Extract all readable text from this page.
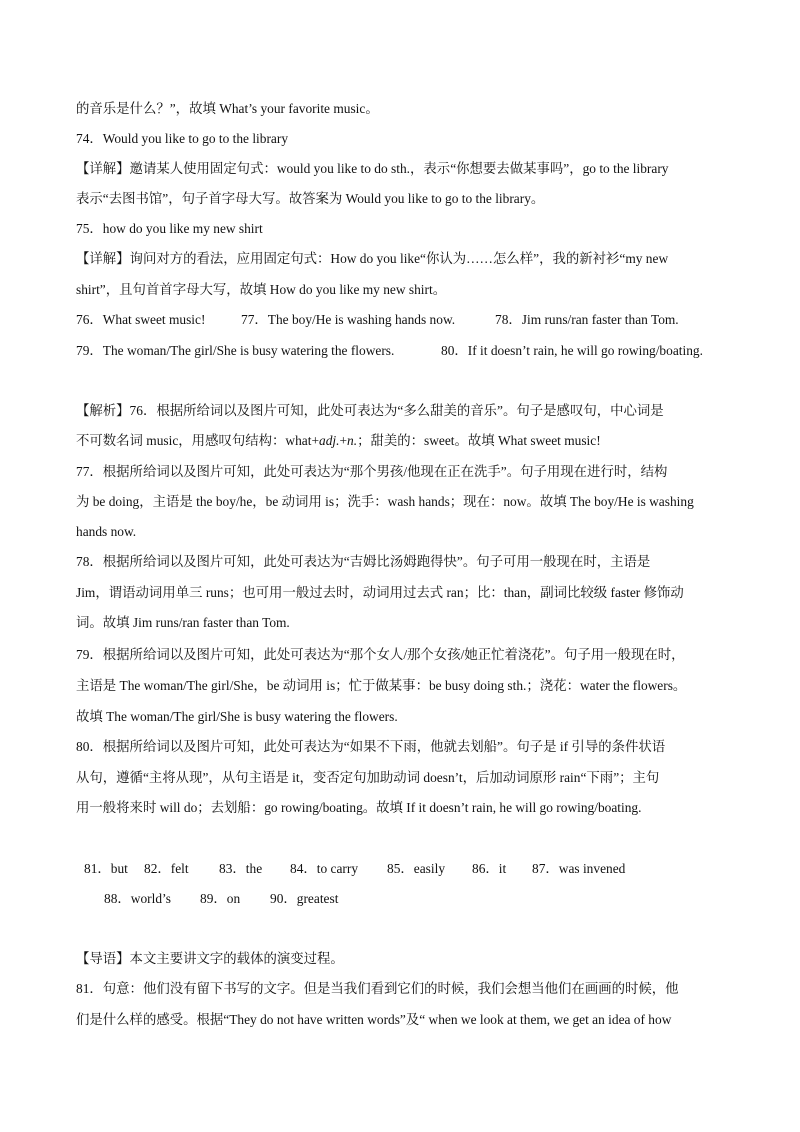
的音乐是什么？”，故填 What’s your favorite music。
74．Would you like to go to the library
【详解】邀请某人使用固定句式：would you like to do sth.，表示“你想要去做某事吗”，go to the library
表示“去图书馆”，句子首字母大写。故答案为 Would you like to go to the library。
75．how do you like my new shirt
【详解】询问对方的看法，应用固定句式：How do you like“你认为……怎么样”，我的新衬衫“my new
shirt”，且句首首字母大写，故填 How do you like my new shirt。
76．What sweet music!	77．The boy/He is washing hands now.	78．Jim runs/ran faster than Tom.
79．The woman/The girl/She is busy watering the flowers.	80．If it doesn’t rain, he will go rowing/boating.
【解析】76．根据所给词以及图片可知，此处可表达为“多么甜美的音乐”。句子是感叹句，中心词是
不可数名词 music，用感叹句结构：what+adj.+n.；甜美的：sweet。故填 What sweet music!
77．根据所给词以及图片可知，此处可表达为“那个男孩/他现在正在洗手”。句子用现在进行时，结构
为 be doing，主语是 the boy/he，be 动词用 is；洗手：wash hands；现在：now。故填 The boy/He is washing
hands now.
78．根据所给词以及图片可知，此处可表达为“吉姆比汤姆跑得快”。句子可用一般现在时，主语是
Jim，谓语动词用单三 runs；也可用一般过去时，动词用过去式 ran；比：than，副词比较级 faster 修饰动
词。故填 Jim runs/ran faster than Tom.
79．根据所给词以及图片可知，此处可表达为“那个女人/那个女孩/她正忙着浇花”。句子用一般现在时，
主语是 The woman/The girl/She，be 动词用 is；忙于做某事：be busy doing sth.；浇花：water the flowers。
故填 The woman/The girl/She is busy watering the flowers.
80．根据所给词以及图片可知，此处可表达为“如果不下雨，他就去划船”。句子是 if 引导的条件状语
从句，遵循“主将从现”，从句主语是 it，变否定句加助动词 doesn’t，后加动词原形 rain“下雨”；主句
用一般将来时 will do；去划船：go rowing/boating。故填 If it doesn’t rain, he will go rowing/boating.
81．but 82．felt 83．the 84．to carry 85．easily 86．it 87．was invened
88．world’s 89．on 90．greatest
【导语】本文主要讲文字的载体的演变过程。
81．句意：他们没有留下书写的文字。但是当我们看到它们的时候，我们会想当他们在画画的时候，他
们是什么样的感受。根据“They do not have written words”及“ when we look at them, we get an idea of how
